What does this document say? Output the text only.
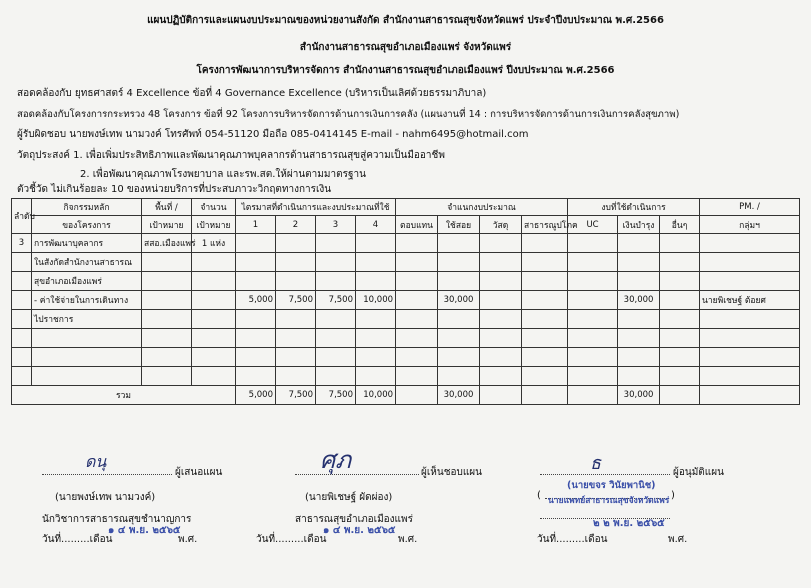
แผนปฏิบัติการและแผนงบประมาณของหน่วยงานสังกัด สำนักงานสาธารณสุขจังหวัดแพร่ ประจำปีงบประมาณ พ.ศ.2566
สำนักงานสาธารณสุขอำเภอเมืองแพร่ จังหวัดแพร่
โครงการพัฒนาการบริหารจัดการ สำนักงานสาธารณสุขอำเภอเมืองแพร่ ปีงบประมาณ พ.ศ.2566
สอดคล้องกับ ยุทธศาสตร์ 4 Excellence ข้อที่ 4 Governance Excellence (บริหารเป็นเลิศด้วยธรรมาภิบาล)
สอดคล้องกับโครงการกระทรวง 48 โครงการ ข้อที่ 92 โครงการบริหารจัดการด้านการเงินการคลัง (แผนงานที่ 14 : การบริหารจัดการด้านการเงินการคลังสุขภาพ)
ผู้รับผิดชอบ นายพงษ์เทพ นามวงค์ โทรศัพท์ 054-51120 มือถือ 085-0414145 E-mail - nahm6495@hotmail.com
วัตถุประสงค์ 1. เพื่อเพิ่มประสิทธิภาพและพัฒนาคุณภาพบุคลากรด้านสาธารณสุขสู่ความเป็นมืออาชีพ
2. เพื่อพัฒนาคุณภาพโรงพยาบาล และรพ.สต.ให้ผ่านตามมาตรฐาน
ตัวชี้วัด ไม่เกินร้อยละ 10 ของหน่วยบริการที่ประสบภาวะวิกฤตทางการเงิน
ลำดับ	กิจกรรมหลัก	พื้นที่ /	จำนวน	ไตรมาสที่ดำเนินการและงบประมาณที่ใช้				จำแนกงบประมาณ				งบที่ใช้ดำเนินการ			PM. /
	ของโครงการ	เป้าหมาย	เป้าหมาย	1	2	3	4	ตอบแทน	ใช้สอย	วัสดุ	สาธารณูปโภค	UC	เงินบำรุง	อื่นๆ	กลุ่มฯ
3	การพัฒนาบุคลากร	สสอ.เมืองแพร่	1 แห่ง												
	ในสังกัดสำนักงานสาธารณ														
	สุขอำเภอเมืองแพร่														
	- ค่าใช้จ่ายในการเดินทาง			5,000	7,500	7,500	10,000		30,000				30,000		นายพิเชษฐ์ ต้อยศ
	ไปราชการ														

รวม				5,000	7,500	7,500	10,000		30,000				30,000		
ดนุ
ผู้เสนอแผน
(นายพงษ์เทพ นามวงค์)
นักวิชาการสาธารณสุขชำนาญการ
วันที่.........เดือน
๑ ๔ พ.ย. ๒๕๖๕
พ.ศ.
ศุภ	ผู้เห็นชอบแผน
(นายพิเชษฐ์ ผัดผ่อง)
สาธารณสุขอำเภอเมืองแพร่
วันที่.........เดือน
๑ ๔ พ.ย. ๒๕๖๕
พ.ศ.
ธ	ผู้อนุมัติแผน
(นายขจร วินัยพานิช)
(	)
นายแพทย์สาธารณสุขจังหวัดแพร่
วันที่.........เดือน
๒ ๒ พ.ย. ๒๕๖๕
พ.ศ.
